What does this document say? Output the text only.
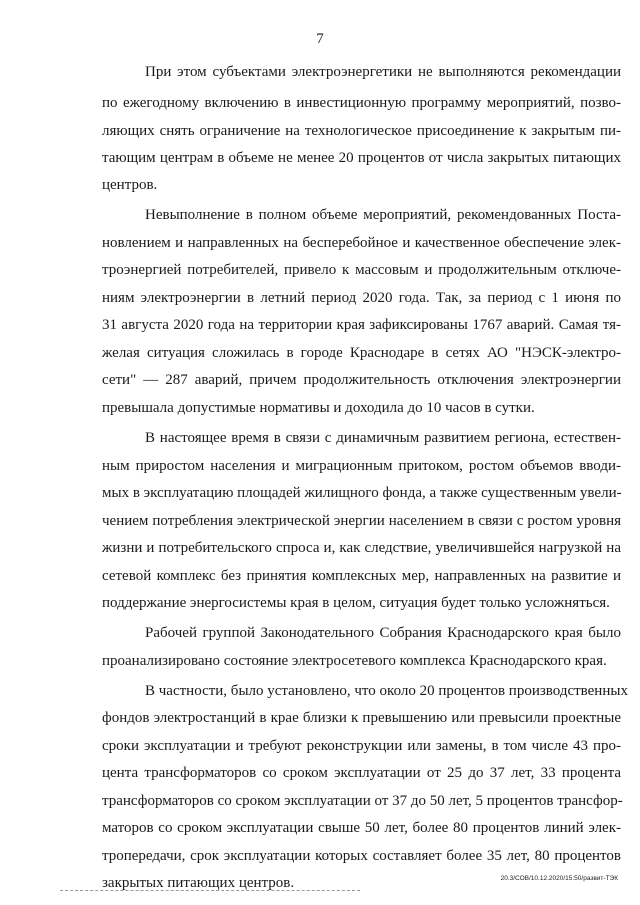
7
При этом субъектами электроэнергетики не выполняются рекомендации
по ежегодному включению в инвестиционную программу мероприятий, позво-
ляющих снять ограничение на технологическое присоединение к закрытым пи-
тающим центрам в объеме не менее 20 процентов от числа закрытых питающих
центров.
Невыполнение в полном объеме мероприятий, рекомендованных Поста-
новлением и направленных на бесперебойное и качественное обеспечение элек-
троэнергией потребителей, привело к массовым и продолжительным отключе-
ниям электроэнергии в летний период 2020 года. Так, за период с 1 июня по
31 августа 2020 года на территории края зафиксированы 1767 аварий. Самая тя-
желая ситуация сложилась в городе Краснодаре в сетях АО "НЭСК-электро-
сети" — 287 аварий, причем продолжительность отключения электроэнергии
превышала допустимые нормативы и доходила до 10 часов в сутки.
В настоящее время в связи с динамичным развитием региона, естествен-
ным приростом населения и миграционным притоком, ростом объемов вводи-
мых в эксплуатацию площадей жилищного фонда, а также существенным увели-
чением потребления электрической энергии населением в связи с ростом уровня
жизни и потребительского спроса и, как следствие, увеличившейся нагрузкой на
сетевой комплекс без принятия комплексных мер, направленных на развитие и
поддержание энергосистемы края в целом, ситуация будет только усложняться.
Рабочей группой Законодательного Собрания Краснодарского края было
проанализировано состояние электросетевого комплекса Краснодарского края.
В частности, было установлено, что около 20 процентов производственных
фондов электростанций в крае близки к превышению или превысили проектные
сроки эксплуатации и требуют реконструкции или замены, в том числе 43 про-
цента трансформаторов со сроком эксплуатации от 25 до 37 лет, 33 процента
трансформаторов со сроком эксплуатации от 37 до 50 лет, 5 процентов трансфор-
маторов со сроком эксплуатации свыше 50 лет, более 80 процентов линий элек-
тропередачи, срок эксплуатации которых составляет более 35 лет, 80 процентов
закрытых питающих центров.	20.3/СОВ/10.12.2020/15:50/развит-ТЭК
